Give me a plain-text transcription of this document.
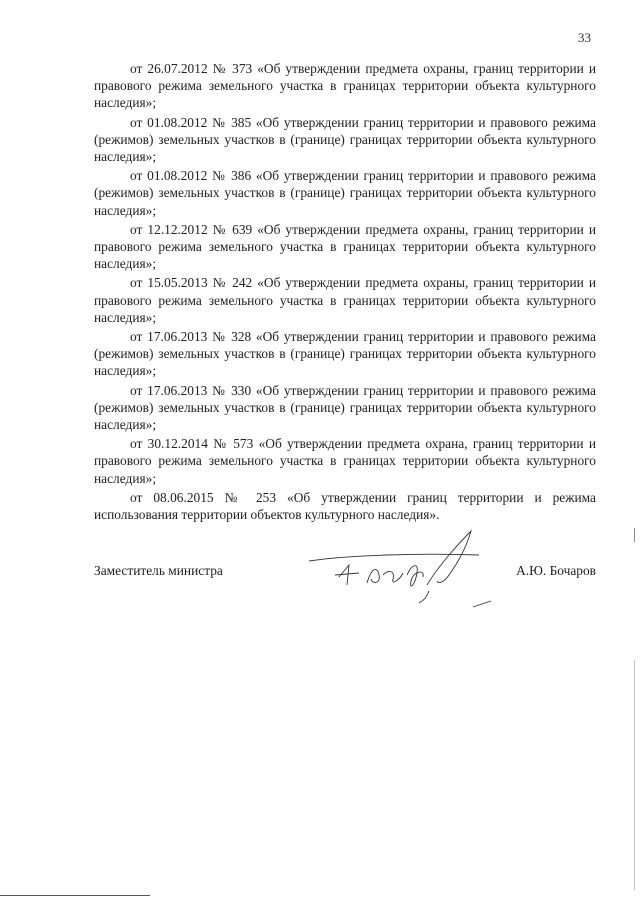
33

от 26.07.2012 № 373 «Об утверждении предмета охраны, границ территории и правового режима земельного участка в границах территории объекта культурного наследия»;

от 01.08.2012 № 385 «Об утверждении границ территории и правового режима (режимов) земельных участков в (границе) границах территории объекта культурного наследия»;

от 01.08.2012 № 386 «Об утверждении границ территории и правового режима (режимов) земельных участков в (границе) границах территории объекта культурного наследия»;

от 12.12.2012 № 639 «Об утверждении предмета охраны, границ территории и правового режима земельного участка в границах территории объекта культурного наследия»;

от 15.05.2013 № 242 «Об утверждении предмета охраны, границ территории и правового режима земельного участка в границах территории объекта культурного наследия»;

от 17.06.2013 № 328 «Об утверждении границ территории и правового режима (режимов) земельных участков в (границе) границах территории объекта культурного наследия»;

от 17.06.2013 № 330 «Об утверждении границ территории и правового режима (режимов) земельных участков в (границе) границах территории объекта культурного наследия»;

от 30.12.2014 № 573 «Об утверждении предмета охрана, границ территории и правового режима земельного участка в границах территории объекта культурного наследия»;

от 08.06.2015 № 253 «Об утверждении границ территории и режима использования территории объектов культурного наследия».

Заместитель министра	А.Ю. Бочаров
